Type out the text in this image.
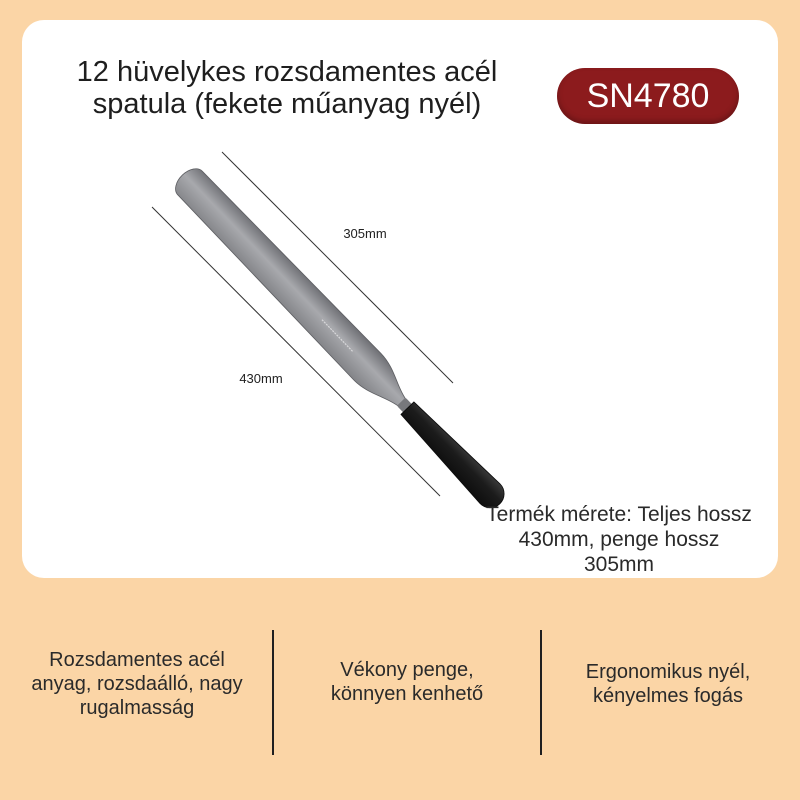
12 hüvelykes rozsdamentes acél
spatula (fekete műanyag nyél)	SN4780
305mm
430mm
Termék mérete: Teljes hossz
430mm, penge hossz
305mm
Rozsdamentes acél
anyag, rozsdaálló, nagy
rugalmasság
Vékony penge,
könnyen kenhető
Ergonomikus nyél,
kényelmes fogás
